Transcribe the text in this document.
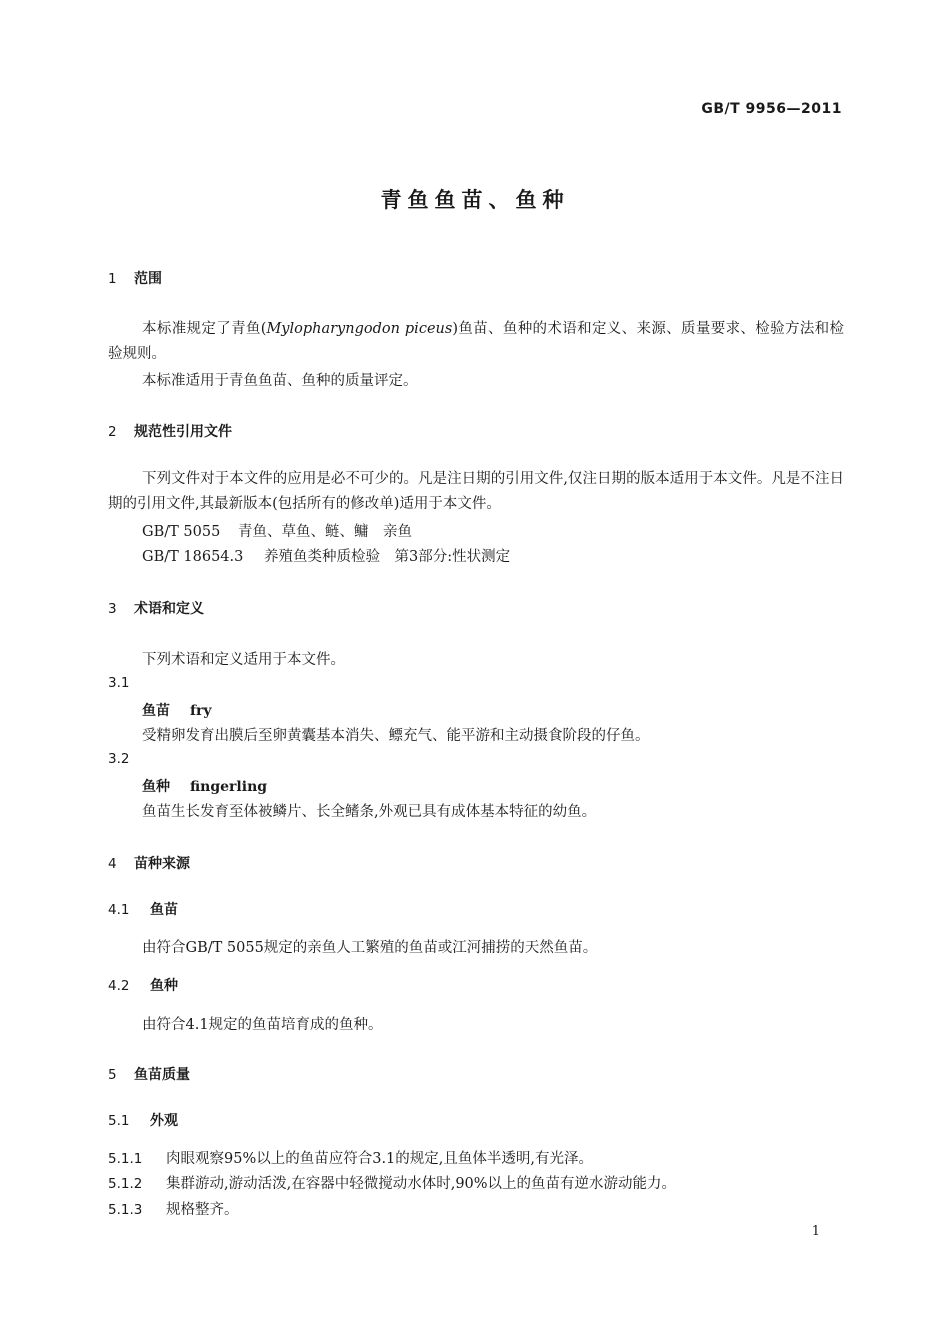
GB/T 9956—2011
青鱼鱼苗、鱼种
1 范围
本标准规定了青鱼(Mylopharyngodon piceus)鱼苗、鱼种的术语和定义、来源、质量要求、检验方法和检验规则。
本标准适用于青鱼鱼苗、鱼种的质量评定。
2 规范性引用文件
下列文件对于本文件的应用是必不可少的。凡是注日期的引用文件,仅注日期的版本适用于本文件。凡是不注日期的引用文件,其最新版本(包括所有的修改单)适用于本文件。
GB/T 5055 青鱼、草鱼、鲢、鳙　亲鱼
GB/T 18654.3 养殖鱼类种质检验　第3部分:性状测定
3 术语和定义
下列术语和定义适用于本文件。
3.1
鱼苗 fry
受精卵发育出膜后至卵黄囊基本消失、鳔充气、能平游和主动摄食阶段的仔鱼。
3.2
鱼种 fingerling
鱼苗生长发育至体被鳞片、长全鳍条,外观已具有成体基本特征的幼鱼。
4 苗种来源
4.1 鱼苗
由符合GB/T 5055规定的亲鱼人工繁殖的鱼苗或江河捕捞的天然鱼苗。
4.2 鱼种
由符合4.1规定的鱼苗培育成的鱼种。
5 鱼苗质量
5.1 外观
5.1.1 肉眼观察95%以上的鱼苗应符合3.1的规定,且鱼体半透明,有光泽。
5.1.2 集群游动,游动活泼,在容器中轻微搅动水体时,90%以上的鱼苗有逆水游动能力。
5.1.3 规格整齐。
1
